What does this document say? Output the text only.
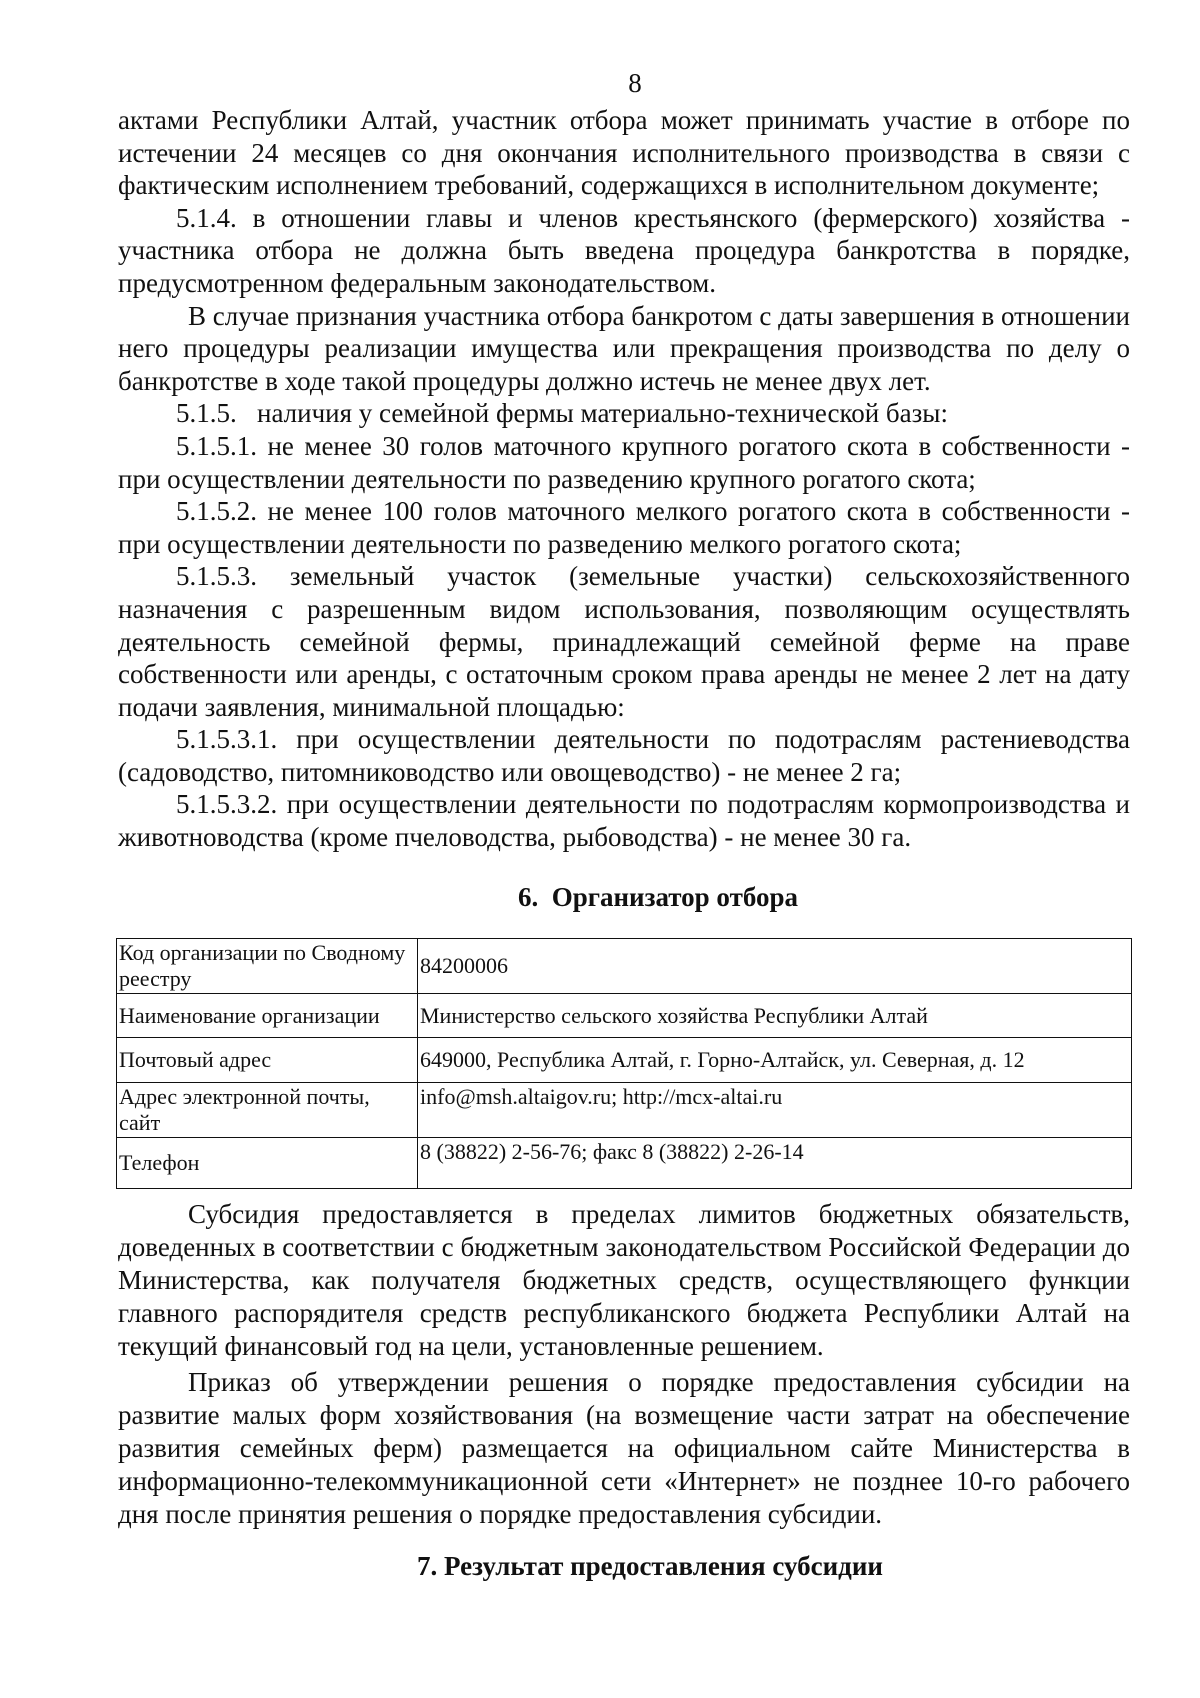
8

актами Республики Алтай, участник отбора может принимать участие в отборе по истечении 24 месяцев со дня окончания исполнительного производства в связи с фактическим исполнением требований, содержащихся в исполнительном документе;

5.1.4. в отношении главы и членов крестьянского (фермерского) хозяйства - участника отбора не должна быть введена процедура банкротства в порядке, предусмотренном федеральным законодательством.

В случае признания участника отбора банкротом с даты завершения в отношении него процедуры реализации имущества или прекращения производства по делу о банкротстве в ходе такой процедуры должно истечь не менее двух лет.

5.1.5.   наличия у семейной фермы материально-технической базы:

5.1.5.1. не менее 30 голов маточного крупного рогатого скота в собственности - при осуществлении деятельности по разведению крупного рогатого скота;

5.1.5.2. не менее 100 голов маточного мелкого рогатого скота в собственности - при осуществлении деятельности по разведению мелкого рогатого скота;

5.1.5.3. земельный участок (земельные участки) сельскохозяйственного назначения с разрешенным видом использования, позволяющим осуществлять деятельность семейной фермы, принадлежащий семейной ферме на праве собственности или аренды, с остаточным сроком права аренды не менее 2 лет на дату подачи заявления, минимальной площадью:

5.1.5.3.1. при осуществлении деятельности по подотраслям растениеводства (садоводство, питомниководство или овощеводство) - не менее 2 га;

5.1.5.3.2. при осуществлении деятельности по подотраслям кормопроизводства и животноводства (кроме пчеловодства, рыбоводства) - не менее 30 га.

6.  Организатор отбора
Код организации по Сводному реестру	84200006
Наименование организации	Министерство сельского хозяйства Республики Алтай
Почтовый адрес	649000, Республика Алтай, г. Горно-Алтайск, ул. Северная, д. 12
Адрес электронной почты, сайт	info@msh.altaigov.ru; http://mcx-altai.ru
Телефон	8 (38822) 2-56-76; факс 8 (38822) 2-26-14

Субсидия предоставляется в пределах лимитов бюджетных обязательств, доведенных в соответствии с бюджетным законодательством Российской Федерации до Министерства, как получателя бюджетных средств, осуществляющего функции главного распорядителя средств республиканского бюджета Республики Алтай на текущий финансовый год на цели, установленные решением.

Приказ об утверждении решения о порядке предоставления субсидии на развитие малых форм хозяйствования (на возмещение части затрат на обеспечение развития семейных ферм) размещается на официальном сайте Министерства в информационно-телекоммуникационной сети «Интернет» не позднее 10-го рабочего дня после принятия решения о порядке предоставления субсидии.

7. Результат предоставления субсидии
